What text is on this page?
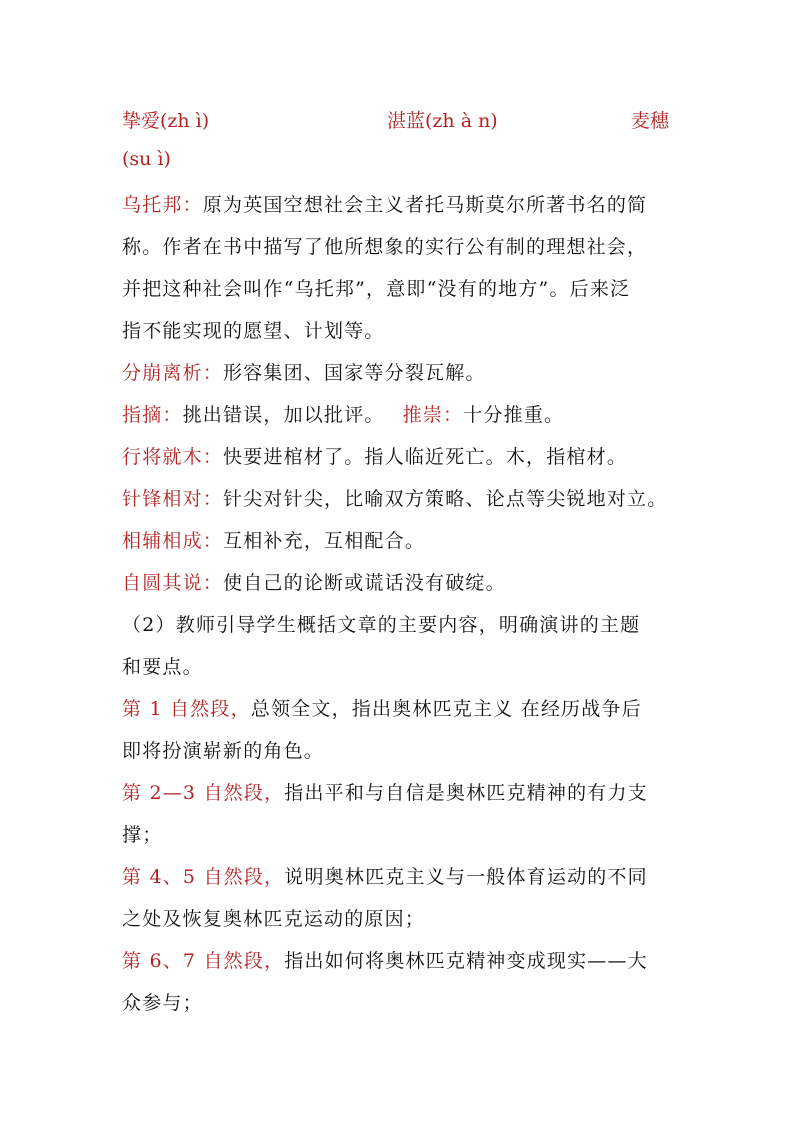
挚爱(zh ì)	湛蓝(zh à n)	麦穗
(su ì)
乌托邦：原为英国空想社会主义者托马斯莫尔所著书名的简
称。作者在书中描写了他所想象的实行公有制的理想社会，
并把这种社会叫作“乌托邦”，意即“没有的地方”。后来泛
指不能实现的愿望、计划等。
分崩离析：形容集团、国家等分裂瓦解。
指摘：挑出错误，加以批评。 推崇：十分推重。
行将就木：快要进棺材了。指人临近死亡。木，指棺材。
针锋相对：针尖对针尖，比喻双方策略、论点等尖锐地对立。
相辅相成：互相补充，互相配合。
自圆其说：使自己的论断或谎话没有破绽。
（2）教师引导学生概括文章的主要内容，明确演讲的主题
和要点。
第 1 自然段，总领全文，指出奥林匹克主义 在经历战争后
即将扮演崭新的角色。
第 2—3 自然段，指出平和与自信是奥林匹克精神的有力支
撑；
第 4、5 自然段，说明奥林匹克主义与一般体育运动的不同
之处及恢复奥林匹克运动的原因；
第 6、7 自然段，指出如何将奥林匹克精神变成现实——大
众参与；
